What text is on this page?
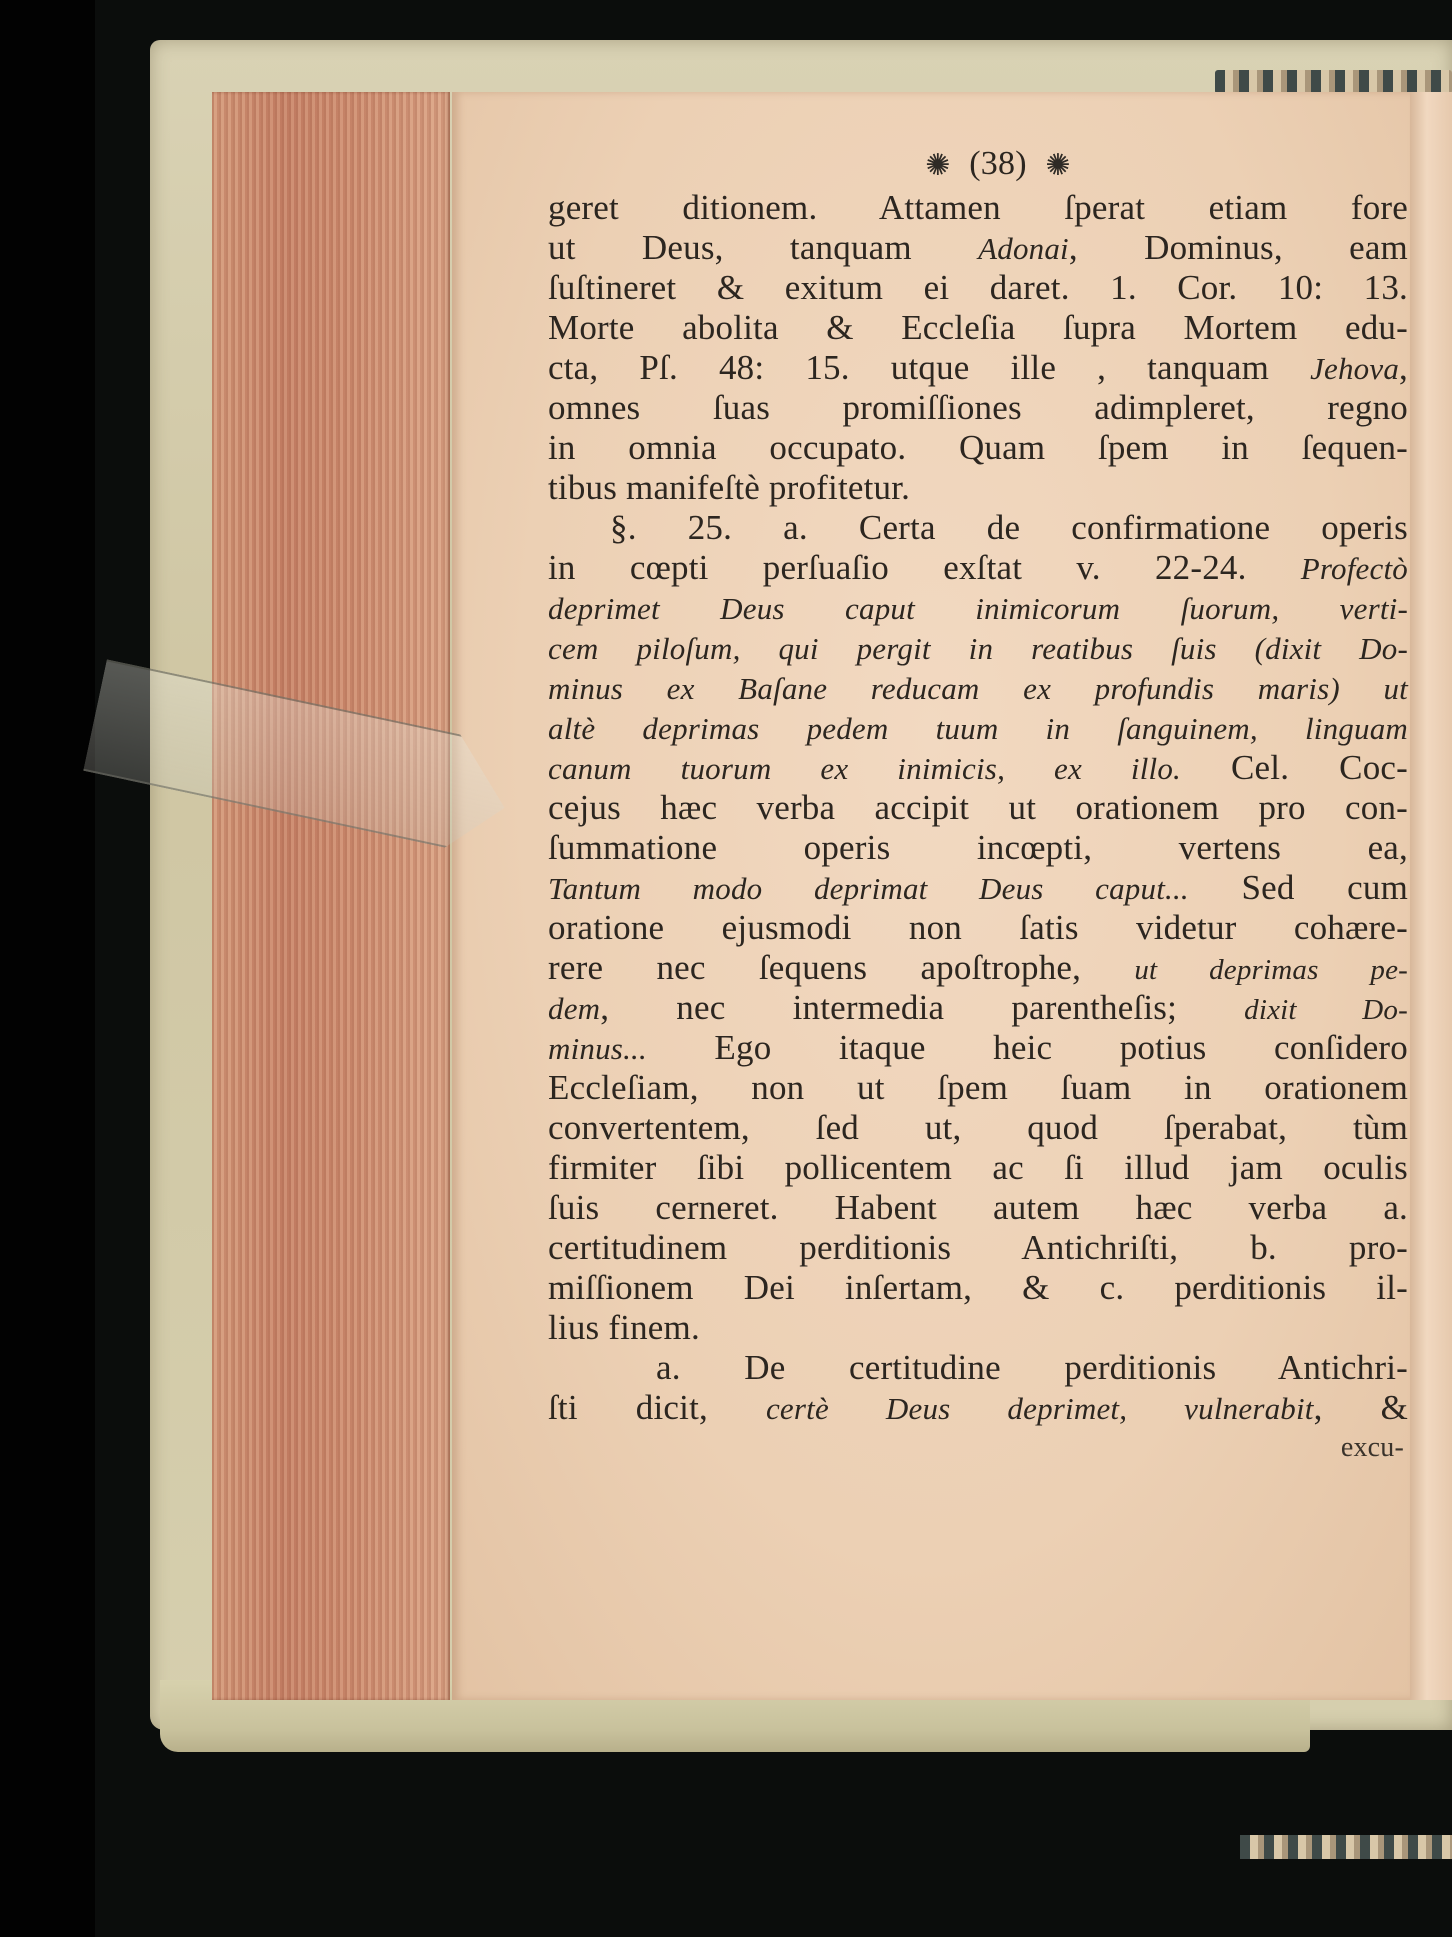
✺ (38) ✺
geret ditionem. Attamen ſperat etiam fore
ut Deus, tanquam Adonai, Dominus, eam
ſuſtineret & exitum ei daret. 1. Cor. 10: 13.
Morte abolita & Eccleſia ſupra Mortem edu-
cta, Pſ. 48: 15. utque ille , tanquam Jehova,
omnes ſuas promiſſiones adimpleret, regno
in omnia occupato. Quam ſpem in ſequen-
tibus manifeſtè profitetur.
§. 25. a. Certa de confirmatione operis
in cœpti perſuaſio exſtat v. 22-24. Profectò
deprimet Deus caput inimicorum ſuorum, verti-
cem piloſum, qui pergit in reatibus ſuis (dixit Do-
minus ex Baſane reducam ex profundis maris) ut
altè deprimas pedem tuum in ſanguinem, linguam
canum tuorum ex inimicis, ex illo. Cel. Coc-
cejus hæc verba accipit ut orationem pro con-
ſummatione operis incœpti, vertens ea,
Tantum modo deprimat Deus caput... Sed cum
oratione ejusmodi non ſatis videtur cohære-
rere nec ſequens apoſtrophe, ut deprimas pe-
dem, nec intermedia parentheſis; dixit Do-
minus... Ego itaque heic potius conſidero
Eccleſiam, non ut ſpem ſuam in orationem
convertentem, ſed ut, quod ſperabat, tùm
firmiter ſibi pollicentem ac ſi illud jam oculis
ſuis cerneret. Habent autem hæc verba a.
certitudinem perditionis Antichriſti, b. pro-
miſſionem Dei inſertam, & c. perditionis il-
lius finem.
a. De certitudine perditionis Antichri-
ſti dicit, certè Deus deprimet, vulnerabit, &
excu-
